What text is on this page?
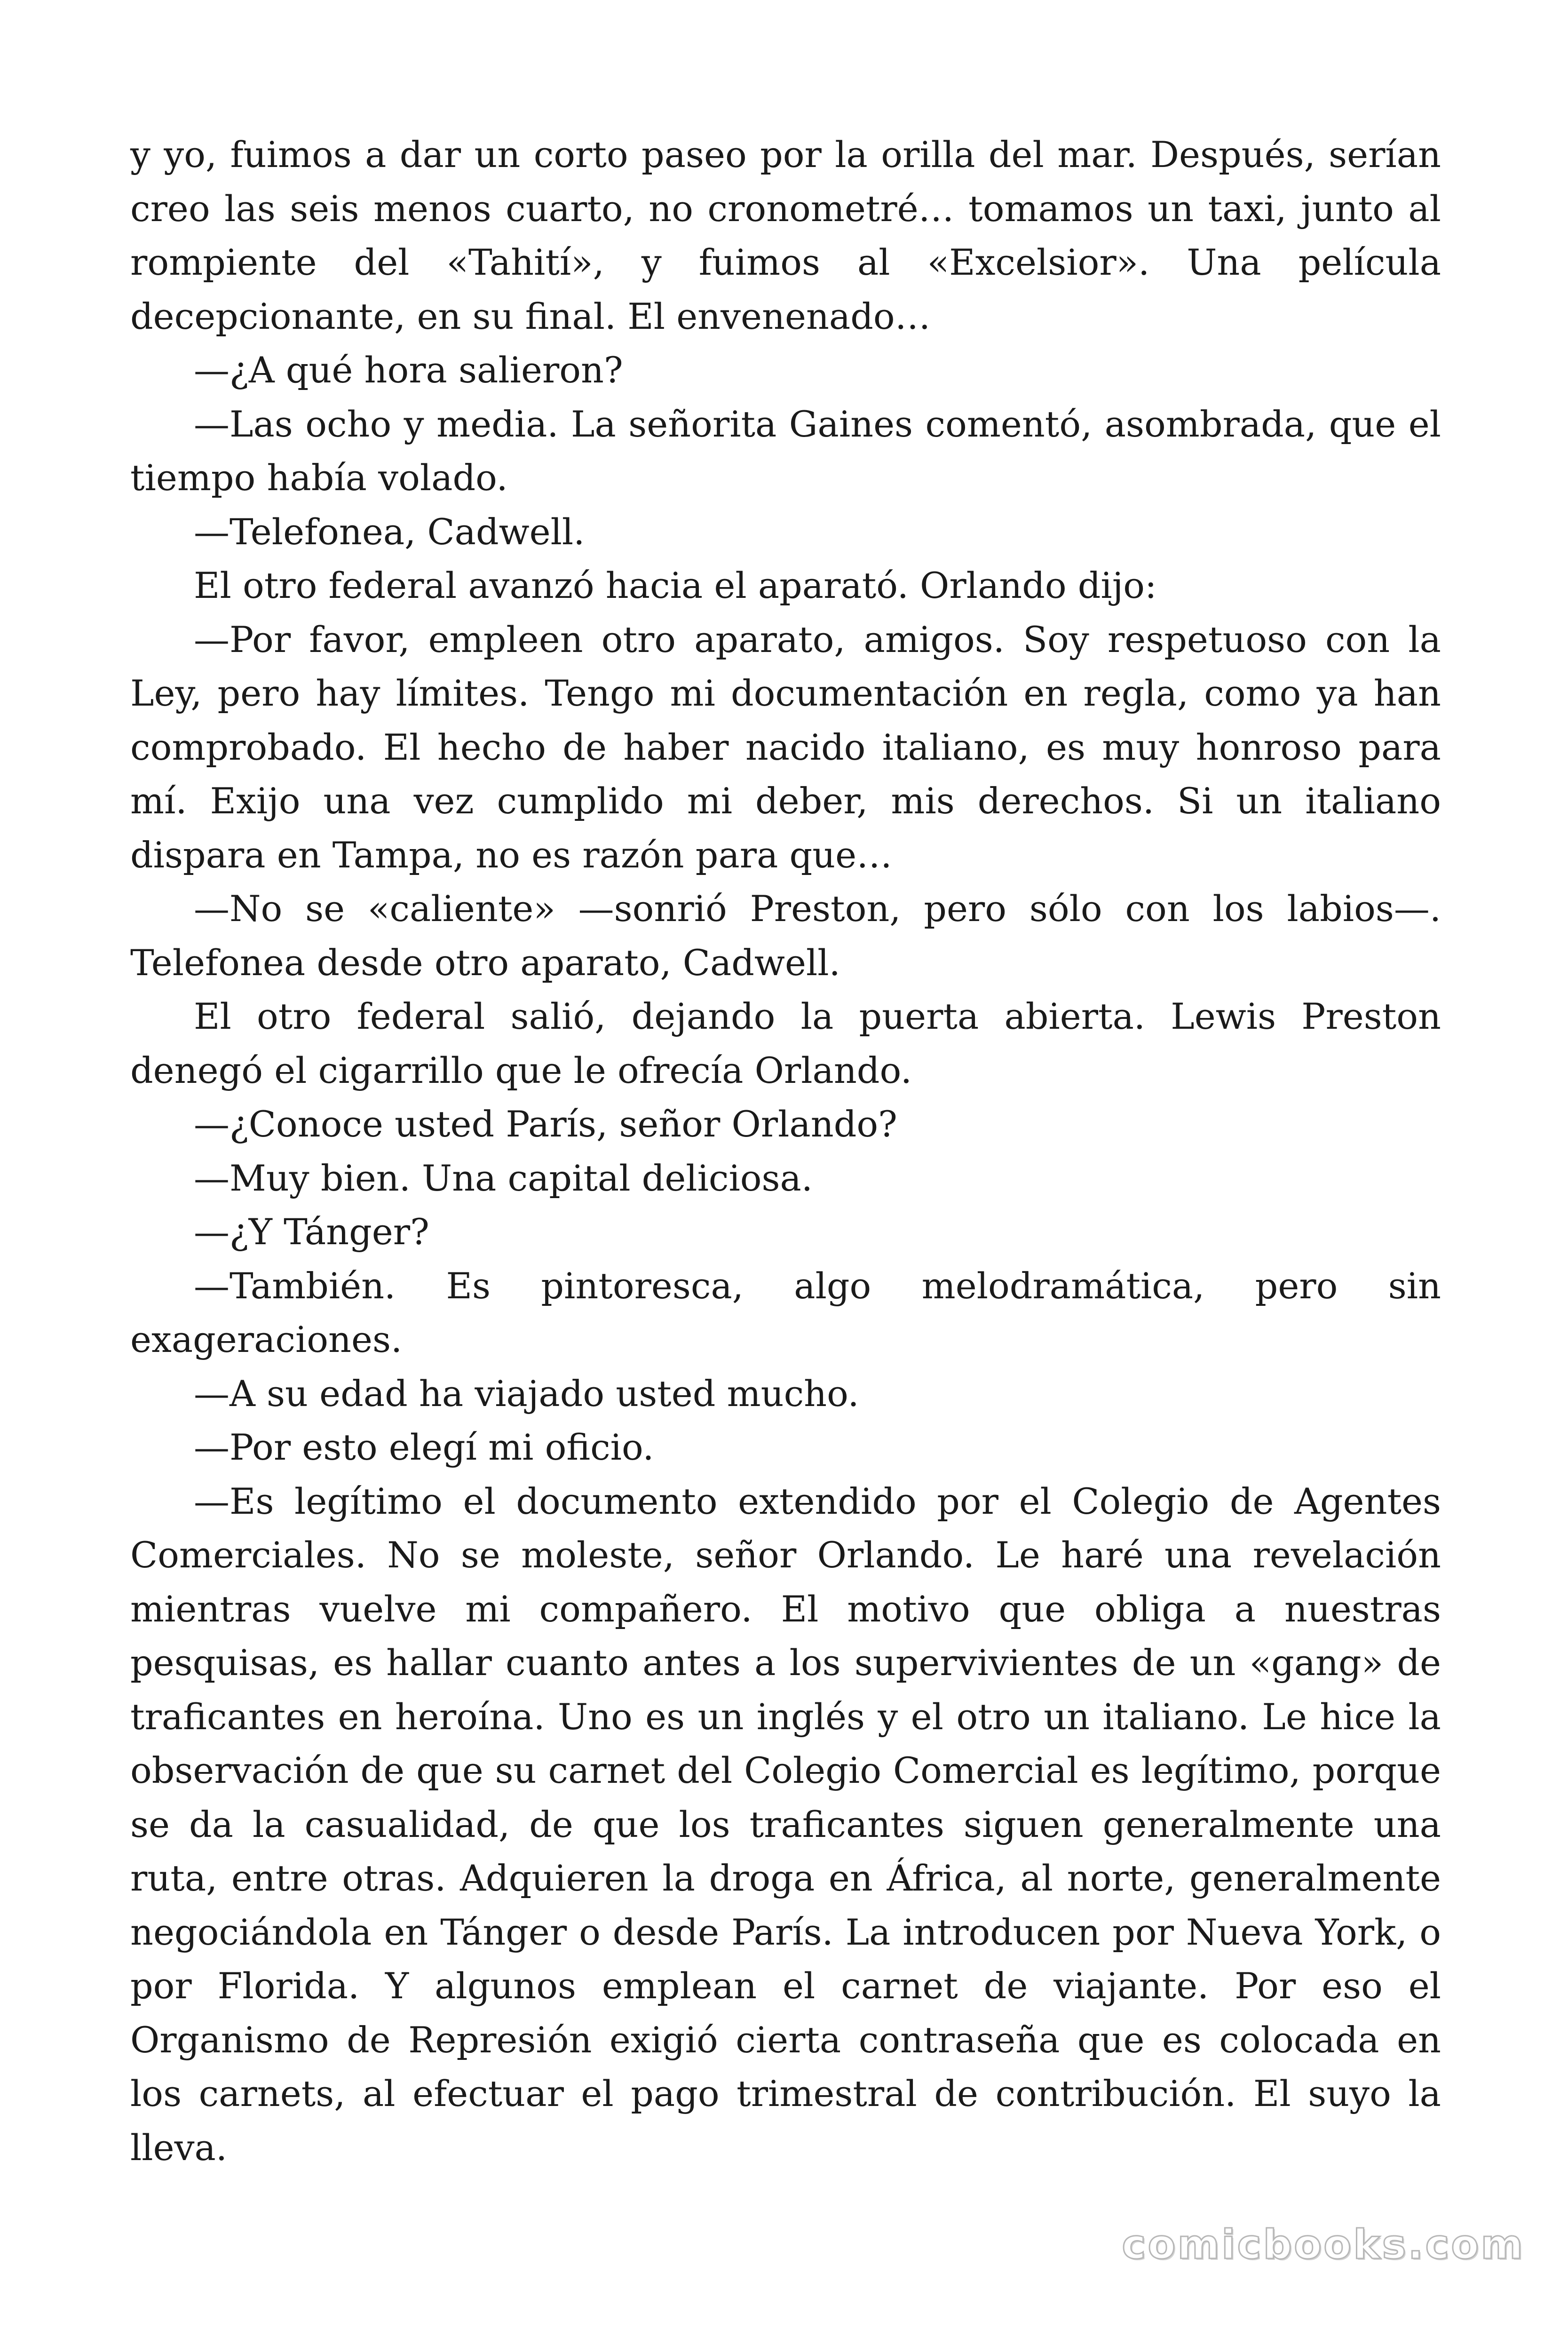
y yo, fuimos a dar un corto paseo por la orilla del mar. Después, serían creo las seis menos cuarto, no cronometré… tomamos un taxi, junto al rompiente del «Tahití», y fuimos al «Excelsior». Una película decepcionante, en su final. El envenenado…

—¿A qué hora salieron?

—Las ocho y media. La señorita Gaines comentó, asombrada, que el tiempo había volado.

—Telefonea, Cadwell.

El otro federal avanzó hacia el aparató. Orlando dijo:

—Por favor, empleen otro aparato, amigos. Soy respetuoso con la Ley, pero hay límites. Tengo mi documentación en regla, como ya han comprobado. El hecho de haber nacido italiano, es muy honroso para mí. Exijo una vez cumplido mi deber, mis derechos. Si un italiano dispara en Tampa, no es razón para que…

—No se «caliente» —sonrió Preston, pero sólo con los labios—. Telefonea desde otro aparato, Cadwell.

El otro federal salió, dejando la puerta abierta. Lewis Preston denegó el cigarrillo que le ofrecía Orlando.

—¿Conoce usted París, señor Orlando?

—Muy bien. Una capital deliciosa.

—¿Y Tánger?

—También. Es pintoresca, algo melodramática, pero sin exageraciones.

—A su edad ha viajado usted mucho.

—Por esto elegí mi oficio.

—Es legítimo el documento extendido por el Colegio de Agentes Comerciales. No se moleste, señor Orlando. Le haré una revelación mientras vuelve mi compañero. El motivo que obliga a nuestras pesquisas, es hallar cuanto antes a los supervivientes de un «gang» de traficantes en heroína. Uno es un inglés y el otro un italiano. Le hice la observación de que su carnet del Colegio Comercial es legítimo, porque se da la casualidad, de que los traficantes siguen generalmente una ruta, entre otras. Adquieren la droga en África, al norte, generalmente negociándola en Tánger o desde París. La introducen por Nueva York, o por Florida. Y algunos emplean el carnet de viajante. Por eso el Organismo de Represión exigió cierta contraseña que es colocada en los carnets, al efectuar el pago trimestral de contribución. El suyo la lleva.

comicbooks.com
